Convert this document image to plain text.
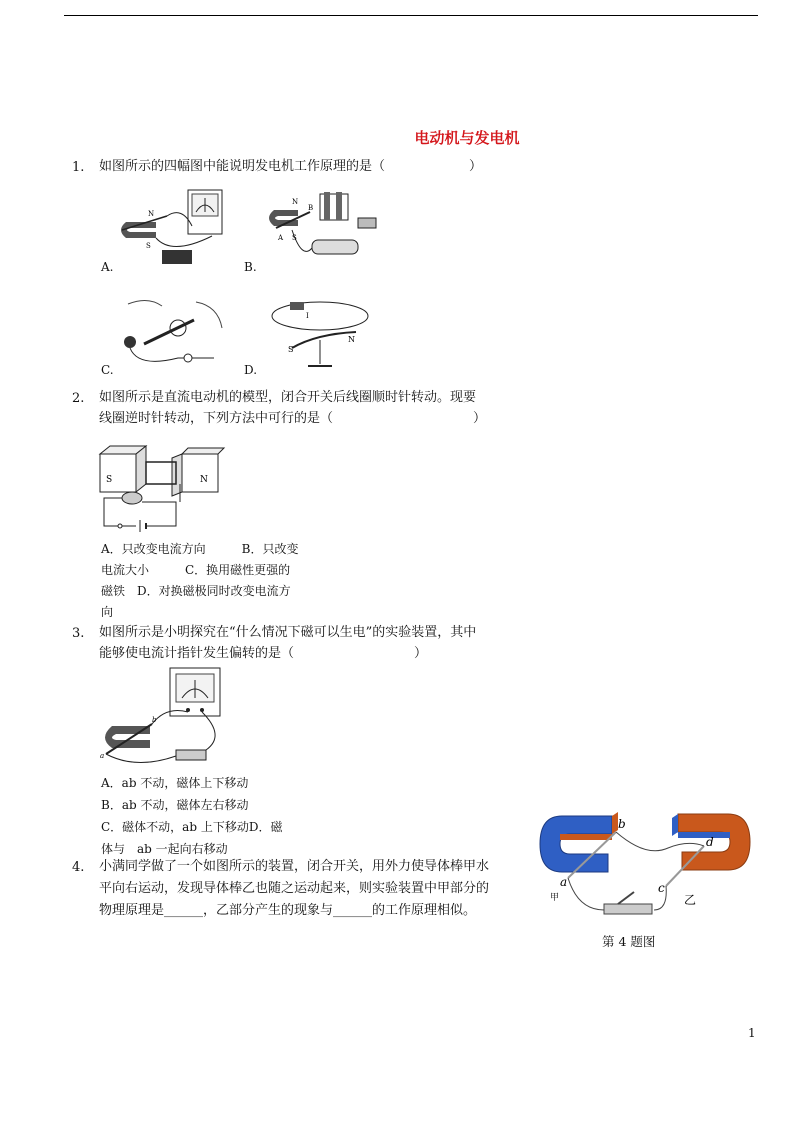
电动机与发电机
1. 如图所示的四幅图中能说明发电机工作原理的是（	）
N
S
A.
A S
B
N
B.
C.
I
S
N
D.
2. 如图所示是直流电动机的模型，闭合开关后线圈顺时针转动。现要
线圈逆时针转动，下列方法中可行的是（	）
S	N
A．只改变电流方向　　　B．只改变
电流大小　　　C．换用磁性更强的
磁铁　D．对换磁极同时改变电流方
向
3. 如图所示是小明探究在“什么情况下磁可以生电”的实验装置，其中
能够使电流计指针发生偏转的是（	）
a
b
A．ab 不动，磁体上下移动
B．ab 不动，磁体左右移动
C．磁体不动，ab 上下移动D．磁
体与　ab 一起向右移动
4. 小满同学做了一个如图所示的装置，闭合开关，用外力使导体棒甲水
平向右运动，发现导体棒乙也随之运动起来，则实验装置中甲部分的
物理原理是______，乙部分产生的现象与______的工作原理相似。
a
b
c
d
甲	乙
第 4 题图
1
